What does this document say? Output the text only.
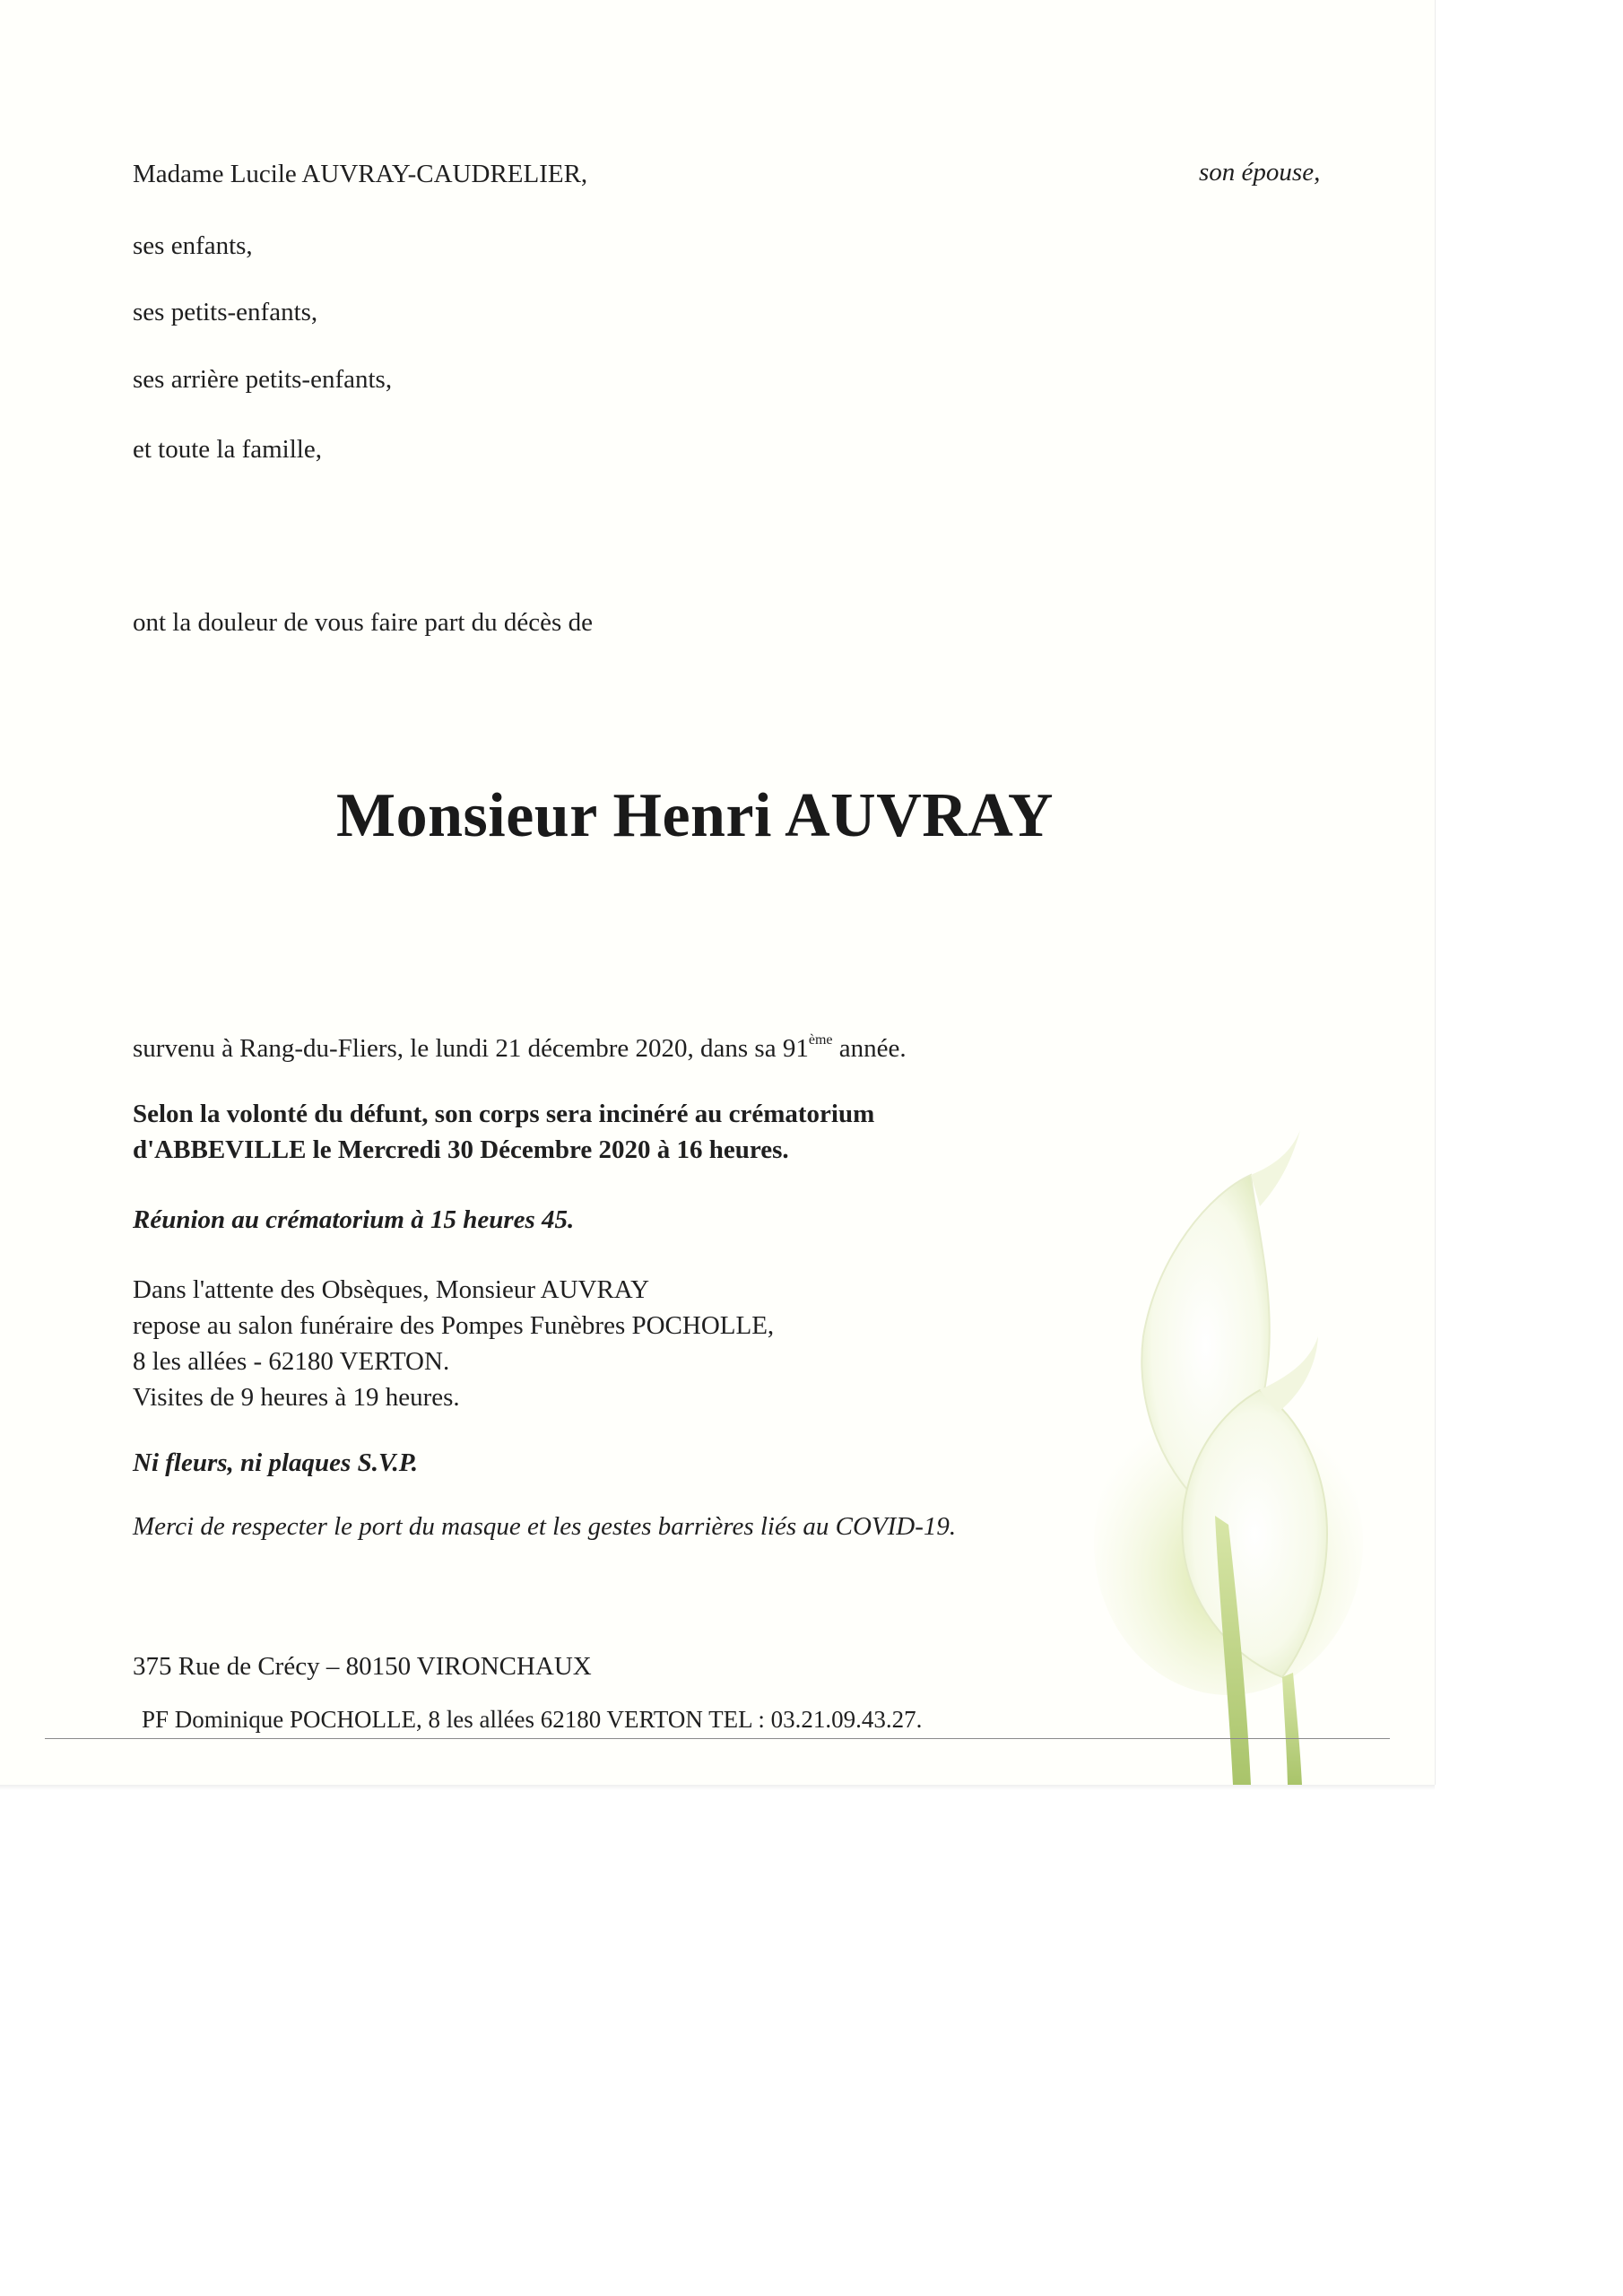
Madame Lucile AUVRAY-CAUDRELIER,	son épouse,
ses enfants,
ses petits-enfants,
ses arrière petits-enfants,
et toute la famille,
ont la douleur de vous faire part du décès de
Monsieur Henri AUVRAY
survenu à Rang-du-Fliers, le lundi 21 décembre 2020, dans sa 91ème année.
Selon la volonté du défunt, son corps sera incinéré au crématorium
d'ABBEVILLE le Mercredi 30 Décembre 2020 à 16 heures.
Réunion au crématorium à 15 heures 45.
Dans l'attente des Obsèques, Monsieur AUVRAY
repose au salon funéraire des Pompes Funèbres POCHOLLE,
8 les allées - 62180 VERTON.
Visites de 9 heures à 19 heures.
Ni fleurs, ni plaques S.V.P.
Merci de respecter le port du masque et les gestes barrières liés au COVID-19.
375 Rue de Crécy – 80150 VIRONCHAUX
PF Dominique POCHOLLE, 8 les allées 62180 VERTON TEL : 03.21.09.43.27.
